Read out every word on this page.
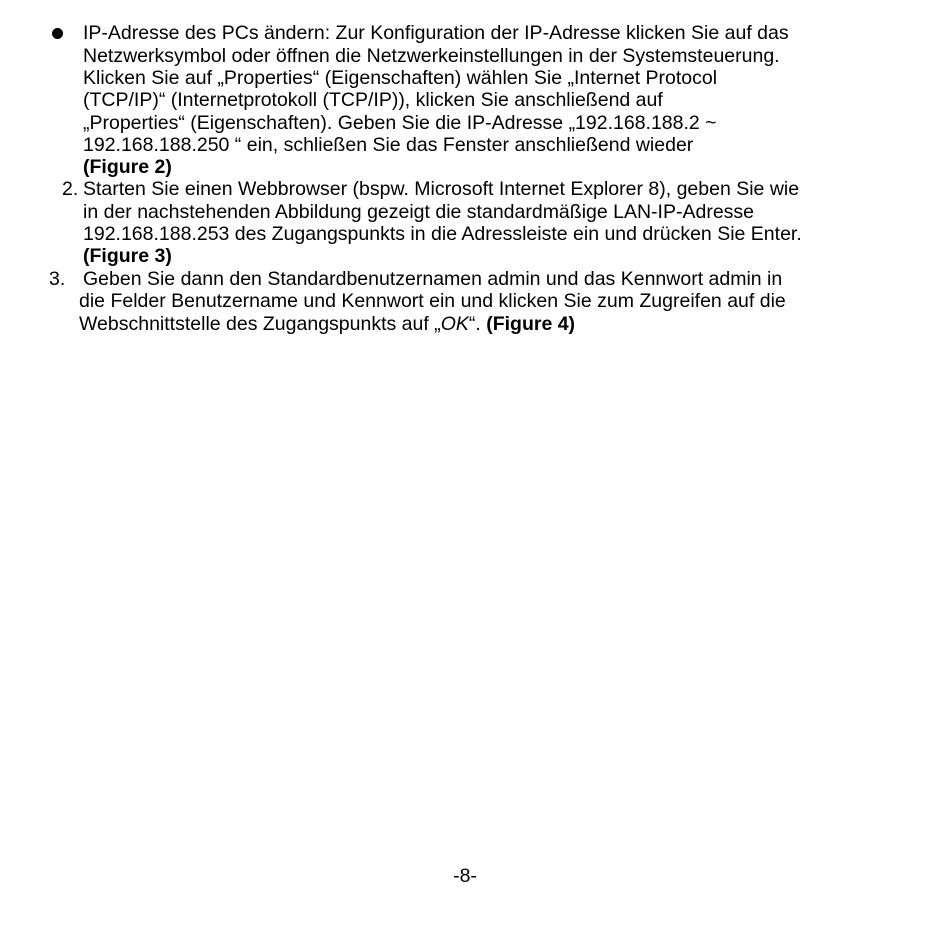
IP-Adresse des PCs ändern: Zur Konfiguration der IP-Adresse klicken Sie auf das
Netzwerksymbol oder öffnen die Netzwerkeinstellungen in der Systemsteuerung.
Klicken Sie auf „Properties“ (Eigenschaften) wählen Sie „Internet Protocol
(TCP/IP)“ (Internetprotokoll (TCP/IP)), klicken Sie anschließend auf
„Properties“ (Eigenschaften). Geben Sie die IP-Adresse „192.168.188.2 ~
192.168.188.250 “ ein, schließen Sie das Fenster anschließend wieder
(Figure 2)
2. Starten Sie einen Webbrowser (bspw. Microsoft Internet Explorer 8), geben Sie wie
in der nachstehenden Abbildung gezeigt die standardmäßige LAN-IP-Adresse
192.168.188.253 des Zugangspunkts in die Adressleiste ein und drücken Sie Enter.
(Figure 3)
3. Geben Sie dann den Standardbenutzernamen admin und das Kennwort admin in
die Felder Benutzername und Kennwort ein und klicken Sie zum Zugreifen auf die
Webschnittstelle des Zugangspunkts auf „OK“. (Figure 4)
-8-
